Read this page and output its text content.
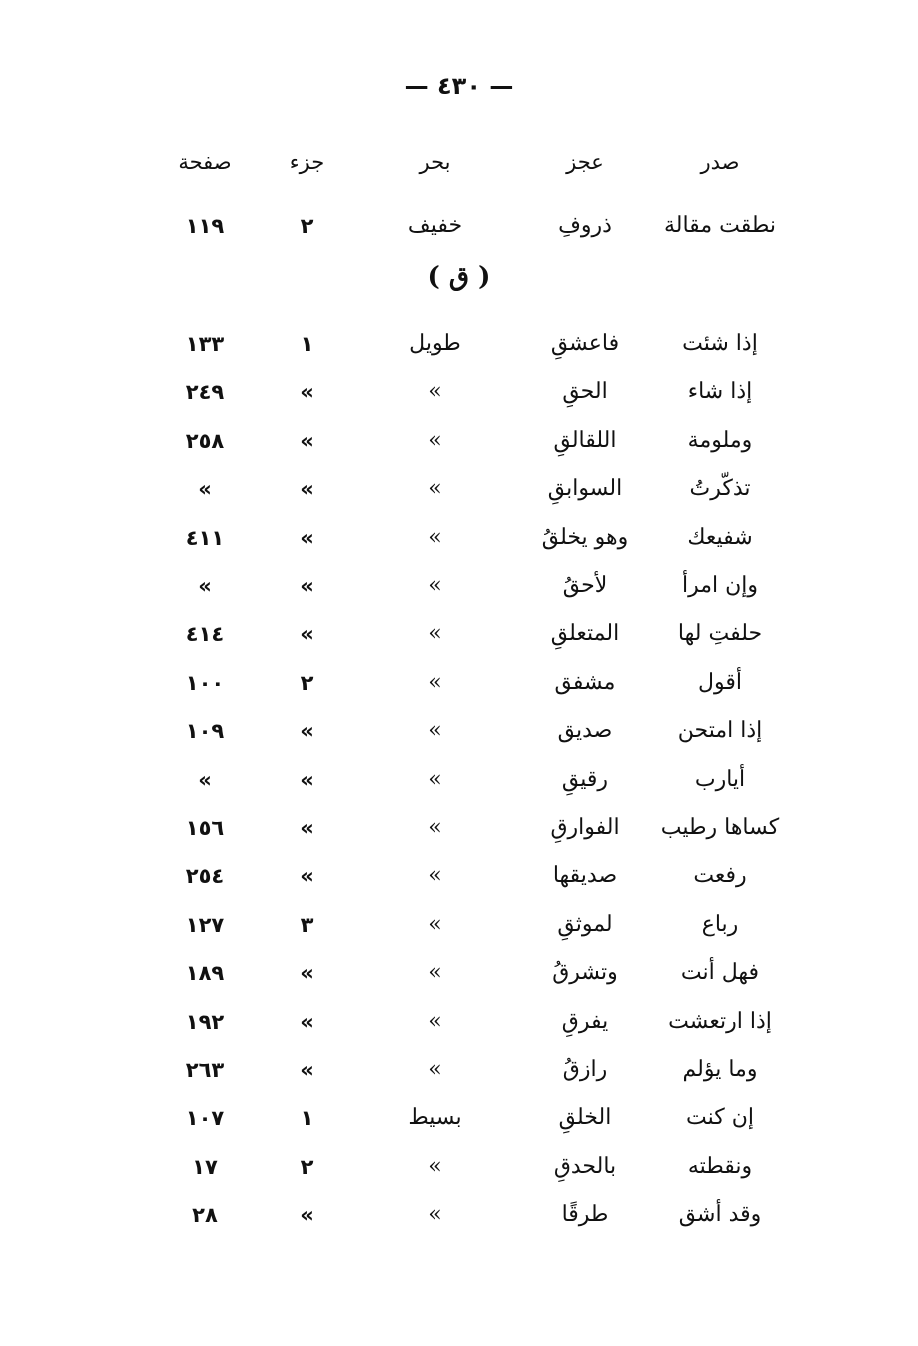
— ٤٣٠ —
صدر
عجز
بحر
جزء
صفحة
نطقت مقالة
ذروفِ
خفيف
٢
١١٩
( ق )
إذا شئت
فاعشقِ
طويل
١
١٣٣
إذا شاء
الحقِ
»
»
٢٤٩
وملومة
اللقالقِ
»
»
٢٥٨
تذكّرتُ
السوابقِ
»
»
»
شفيعك
وهو يخلقُ
»
»
٤١١
وإن امرأ
لأحقُ
»
»
»
حلفتِ لها
المتعلقِ
»
»
٤١٤
أقول
مشفق
»
٢
١٠٠
إذا امتحن
صديق
»
»
١٠٩
أيارب
رقيقِ
»
»
»
كساها رطيب
الفوارقِ
»
»
١٥٦
رفعت
صديقها
»
»
٢٥٤
رباع
لموثقِ
»
٣
١٢٧
فهل أنت
وتشرقُ
»
»
١٨٩
إذا ارتعشت
يفرقِ
»
»
١٩٢
وما يؤلم
رازقُ
»
»
٢٦٣
إن كنت
الخلقِ
بسيط
١
١٠٧
ونقطته
بالحدقِ
»
٢
١٧
وقد أشق
طرقًا
»
»
٢٨
